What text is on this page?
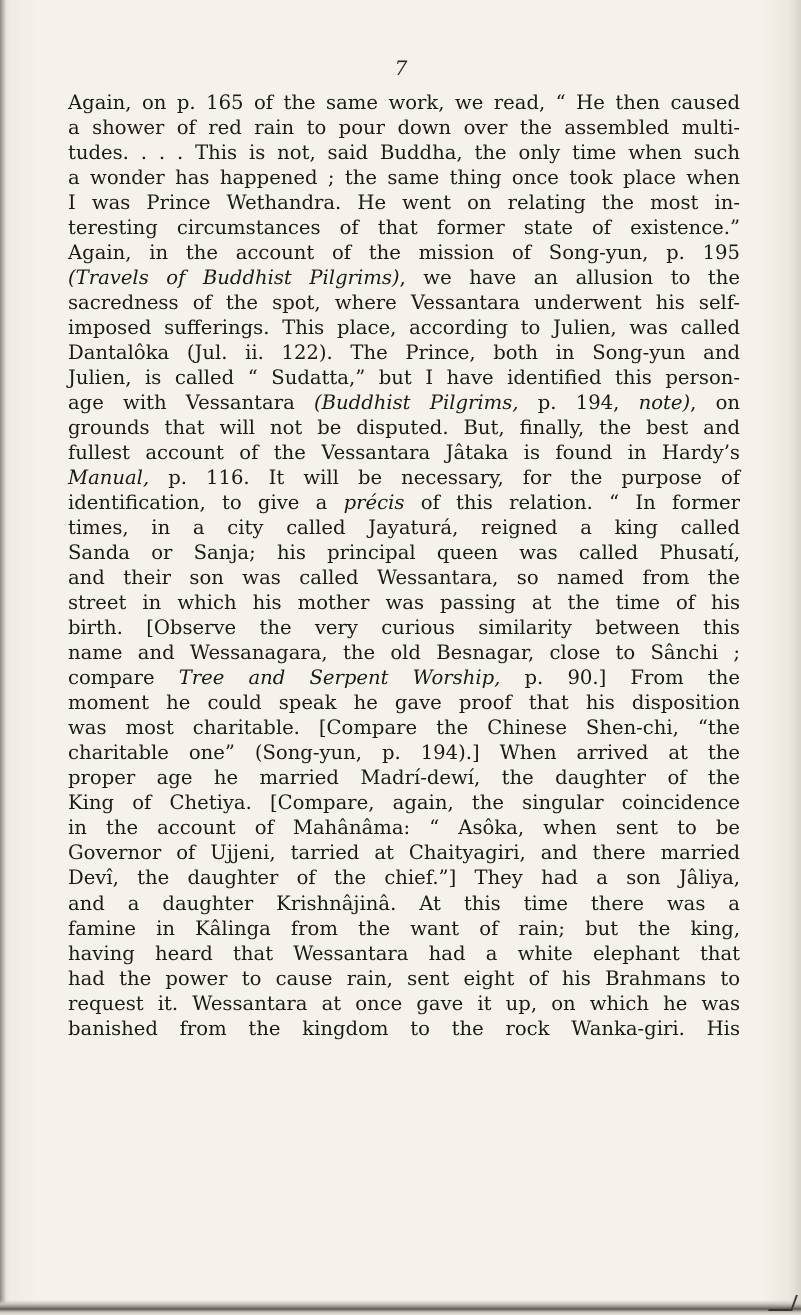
7
Again, on p. 165 of the same work, we read, “ He then caused
a shower of red rain to pour down over the assembled multi-
tudes. . . . This is not, said Buddha, the only time when such
a wonder has happened ; the same thing once took place when
I was Prince Wethandra. He went on relating the most in-
teresting circumstances of that former state of existence.”
Again, in the account of the mission of Song-yun, p. 195
(Travels of Buddhist Pilgrims), we have an allusion to the
sacredness of the spot, where Vessantara underwent his self-
imposed sufferings. This place, according to Julien, was called
Dantalôka (Jul. ii. 122). The Prince, both in Song-yun and
Julien, is called “ Sudatta,” but I have identified this person-
age with Vessantara (Buddhist Pilgrims, p. 194, note), on
grounds that will not be disputed. But, finally, the best and
fullest account of the Vessantara Jâtaka is found in Hardy’s
Manual, p. 116. It will be necessary, for the purpose of
identification, to give a précis of this relation. “ In former
times, in a city called Jayaturá, reigned a king called
Sanda or Sanja; his principal queen was called Phusatí,
and their son was called Wessantara, so named from the
street in which his mother was passing at the time of his
birth. [Observe the very curious similarity between this
name and Wessanagara, the old Besnagar, close to Sânchi ;
compare Tree and Serpent Worship, p. 90.] From the
moment he could speak he gave proof that his disposition
was most charitable. [Compare the Chinese Shen-chi, “the
charitable one” (Song-yun, p. 194).] When arrived at the
proper age he married Madrí-dewí, the daughter of the
King of Chetiya. [Compare, again, the singular coincidence
in the account of Mahânâma: “ Asôka, when sent to be
Governor of Ujjeni, tarried at Chaityagiri, and there married
Devî, the daughter of the chief.”] They had a son Jâliya,
and a daughter Krishnâjinâ. At this time there was a
famine in Kâlinga from the want of rain; but the king,
having heard that Wessantara had a white elephant that
had the power to cause rain, sent eight of his Brahmans to
request it. Wessantara at once gave it up, on which he was
banished from the kingdom to the rock Wanka-giri. His
